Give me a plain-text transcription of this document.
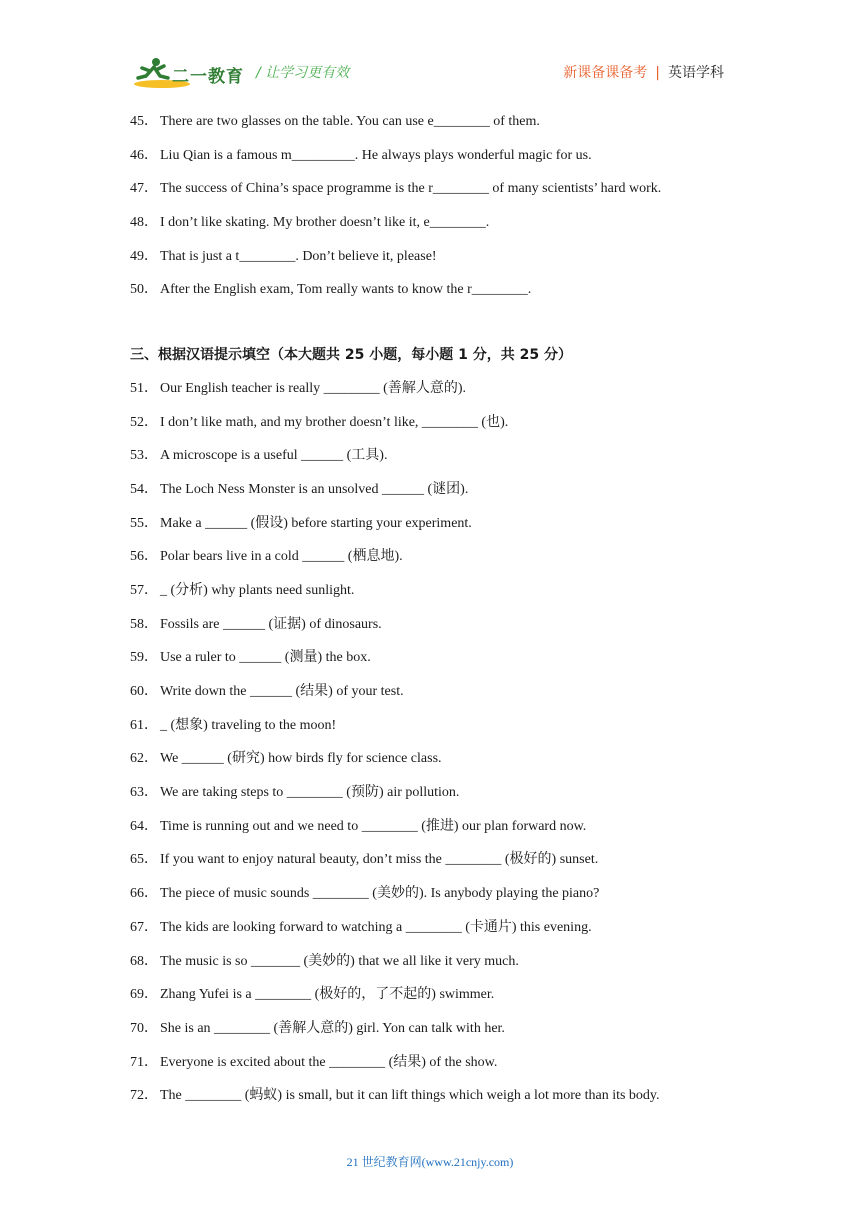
二一教育 / 让学习更有效	新课备课备考 | 英语学科
45． There are two glasses on the table. You can use e________ of them.
46． Liu Qian is a famous m_________. He always plays wonderful magic for us.
47． The success of China’s space programme is the r________ of many scientists’ hard work.
48． I don’t like skating. My brother doesn’t like it, e________.
49． That is just a t________. Don’t believe it, please!
50． After the English exam, Tom really wants to know the r________.
三、根据汉语提示填空（本大题共 25 小题，每小题 1 分，共 25 分）
51． Our English teacher is really ________ (善解人意的).
52． I don’t like math, and my brother doesn’t like, ________ (也).
53． A microscope is a useful ______ (工具).
54． The Loch Ness Monster is an unsolved ______ (谜团).
55． Make a ______ (假设) before starting your experiment.
56． Polar bears live in a cold ______ (栖息地).
57． _ (分析) why plants need sunlight.
58． Fossils are ______ (证据) of dinosaurs.
59． Use a ruler to ______ (测量) the box.
60． Write down the ______ (结果) of your test.
61． _ (想象) traveling to the moon!
62． We ______ (研究) how birds fly for science class.
63． We are taking steps to ________ (预防) air pollution.
64． Time is running out and we need to ________ (推进) our plan forward now.
65． If you want to enjoy natural beauty, don’t miss the ________ (极好的) sunset.
66． The piece of music sounds ________ (美妙的). Is anybody playing the piano?
67． The kids are looking forward to watching a ________ (卡通片) this evening.
68． The music is so _______ (美妙的) that we all like it very much.
69． Zhang Yufei is a ________ (极好的，了不起的) swimmer.
70． She is an ________ (善解人意的) girl. Yon can talk with her.
71． Everyone is excited about the ________ (结果) of the show.
72． The ________ (蚂蚁) is small, but it can lift things which weigh a lot more than its body.
21 世纪教育网(www.21cnjy.com)
